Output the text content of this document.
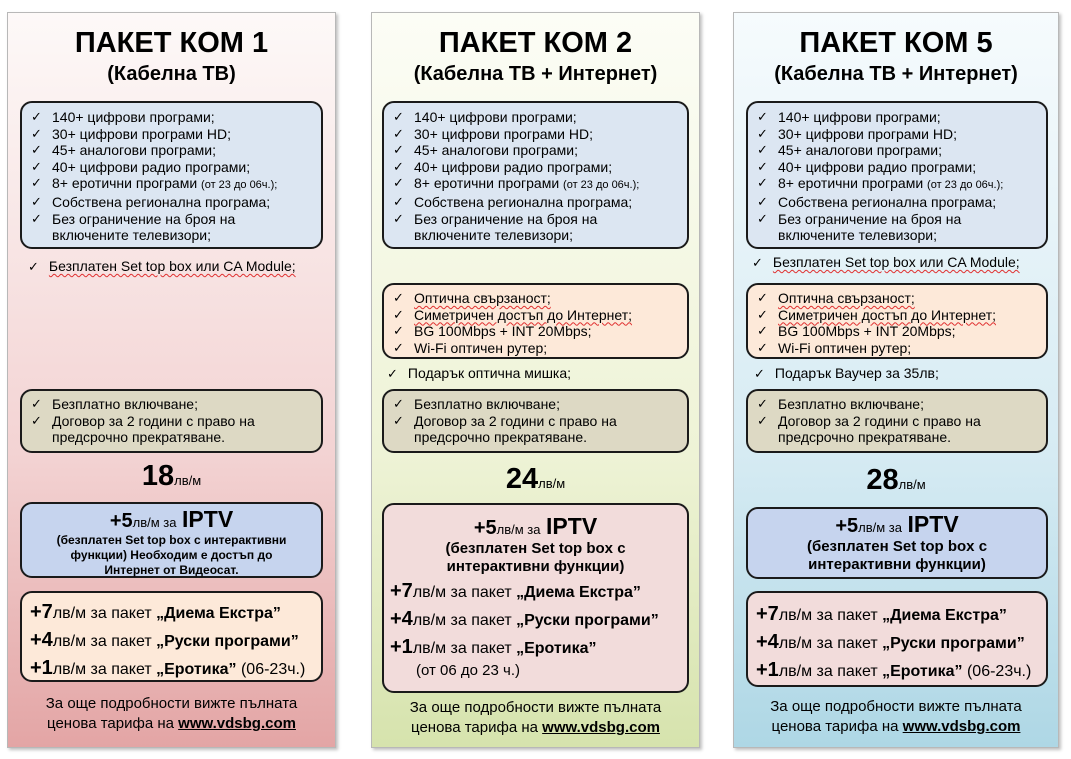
ПАКЕТ КОМ 1
(Кабелна ТВ)
✓ 140+ цифрови програми;
✓ 30+ цифрови програми HD;
✓ 45+ аналогови програми;
✓ 40+ цифрови радио програми;
✓ 8+ еротични програми (от 23 до 06ч.);
✓ Собствена регионална програма;
✓ Без ограничение на броя на
включените телевизори;
✓ Безплатен Set top box или CA Module;
✓ Безплатно включване;
✓ Договор за 2 години с право на
предсрочно прекратяване.
18лв/м
+5лв/м за IPTV
(безплатен Set top box с интерактивни
функции) Необходим е достъп до
Интернет от Видеосат.
+7лв/м за пакет „Диема Екстра”
+4лв/м за пакет „Руски програми”
+1лв/м за пакет „Еротика” (06-23ч.)
За още подробности вижте пълната
ценова тарифа на www.vdsbg.com
ПАКЕТ КОМ 2
(Кабелна ТВ + Интернет)
✓ 140+ цифрови програми;
✓ 30+ цифрови програми HD;
✓ 45+ аналогови програми;
✓ 40+ цифрови радио програми;
✓ 8+ еротични програми (от 23 до 06ч.);
✓ Собствена регионална програма;
✓ Без ограничение на броя на
включените телевизори;
✓ Оптична свързаност;
✓ Симетричен достъп до Интернет;
✓ BG 100Mbps + INT 20Mbps;
✓ Wi-Fi оптичен рутер;
✓ Подарък оптична мишка;
✓ Безплатно включване;
✓ Договор за 2 години с право на
предсрочно прекратяване.
24лв/м
+5лв/м за IPTV
(безплатен Set top box с
интерактивни функции)
+7лв/м за пакет „Диема Екстра”
+4лв/м за пакет „Руски програми”
+1лв/м за пакет „Еротика”
(от 06 до 23 ч.)
За още подробности вижте пълната
ценова тарифа на www.vdsbg.com
ПАКЕТ КОМ 5
(Кабелна ТВ + Интернет)
✓ 140+ цифрови програми;
✓ 30+ цифрови програми HD;
✓ 45+ аналогови програми;
✓ 40+ цифрови радио програми;
✓ 8+ еротични програми (от 23 до 06ч.);
✓ Собствена регионална програма;
✓ Без ограничение на броя на
включените телевизори;
✓ Безплатен Set top box или CA Module;
✓ Оптична свързаност;
✓ Симетричен достъп до Интернет;
✓ BG 100Mbps + INT 20Mbps;
✓ Wi-Fi оптичен рутер;
✓ Подарък Ваучер за 35лв;
✓ Безплатно включване;
✓ Договор за 2 години с право на
предсрочно прекратяване.
28лв/м
+5лв/м за IPTV
(безплатен Set top box с
интерактивни функции)
+7лв/м за пакет „Диема Екстра”
+4лв/м за пакет „Руски програми”
+1лв/м за пакет „Еротика” (06-23ч.)
За още подробности вижте пълната
ценова тарифа на www.vdsbg.com
